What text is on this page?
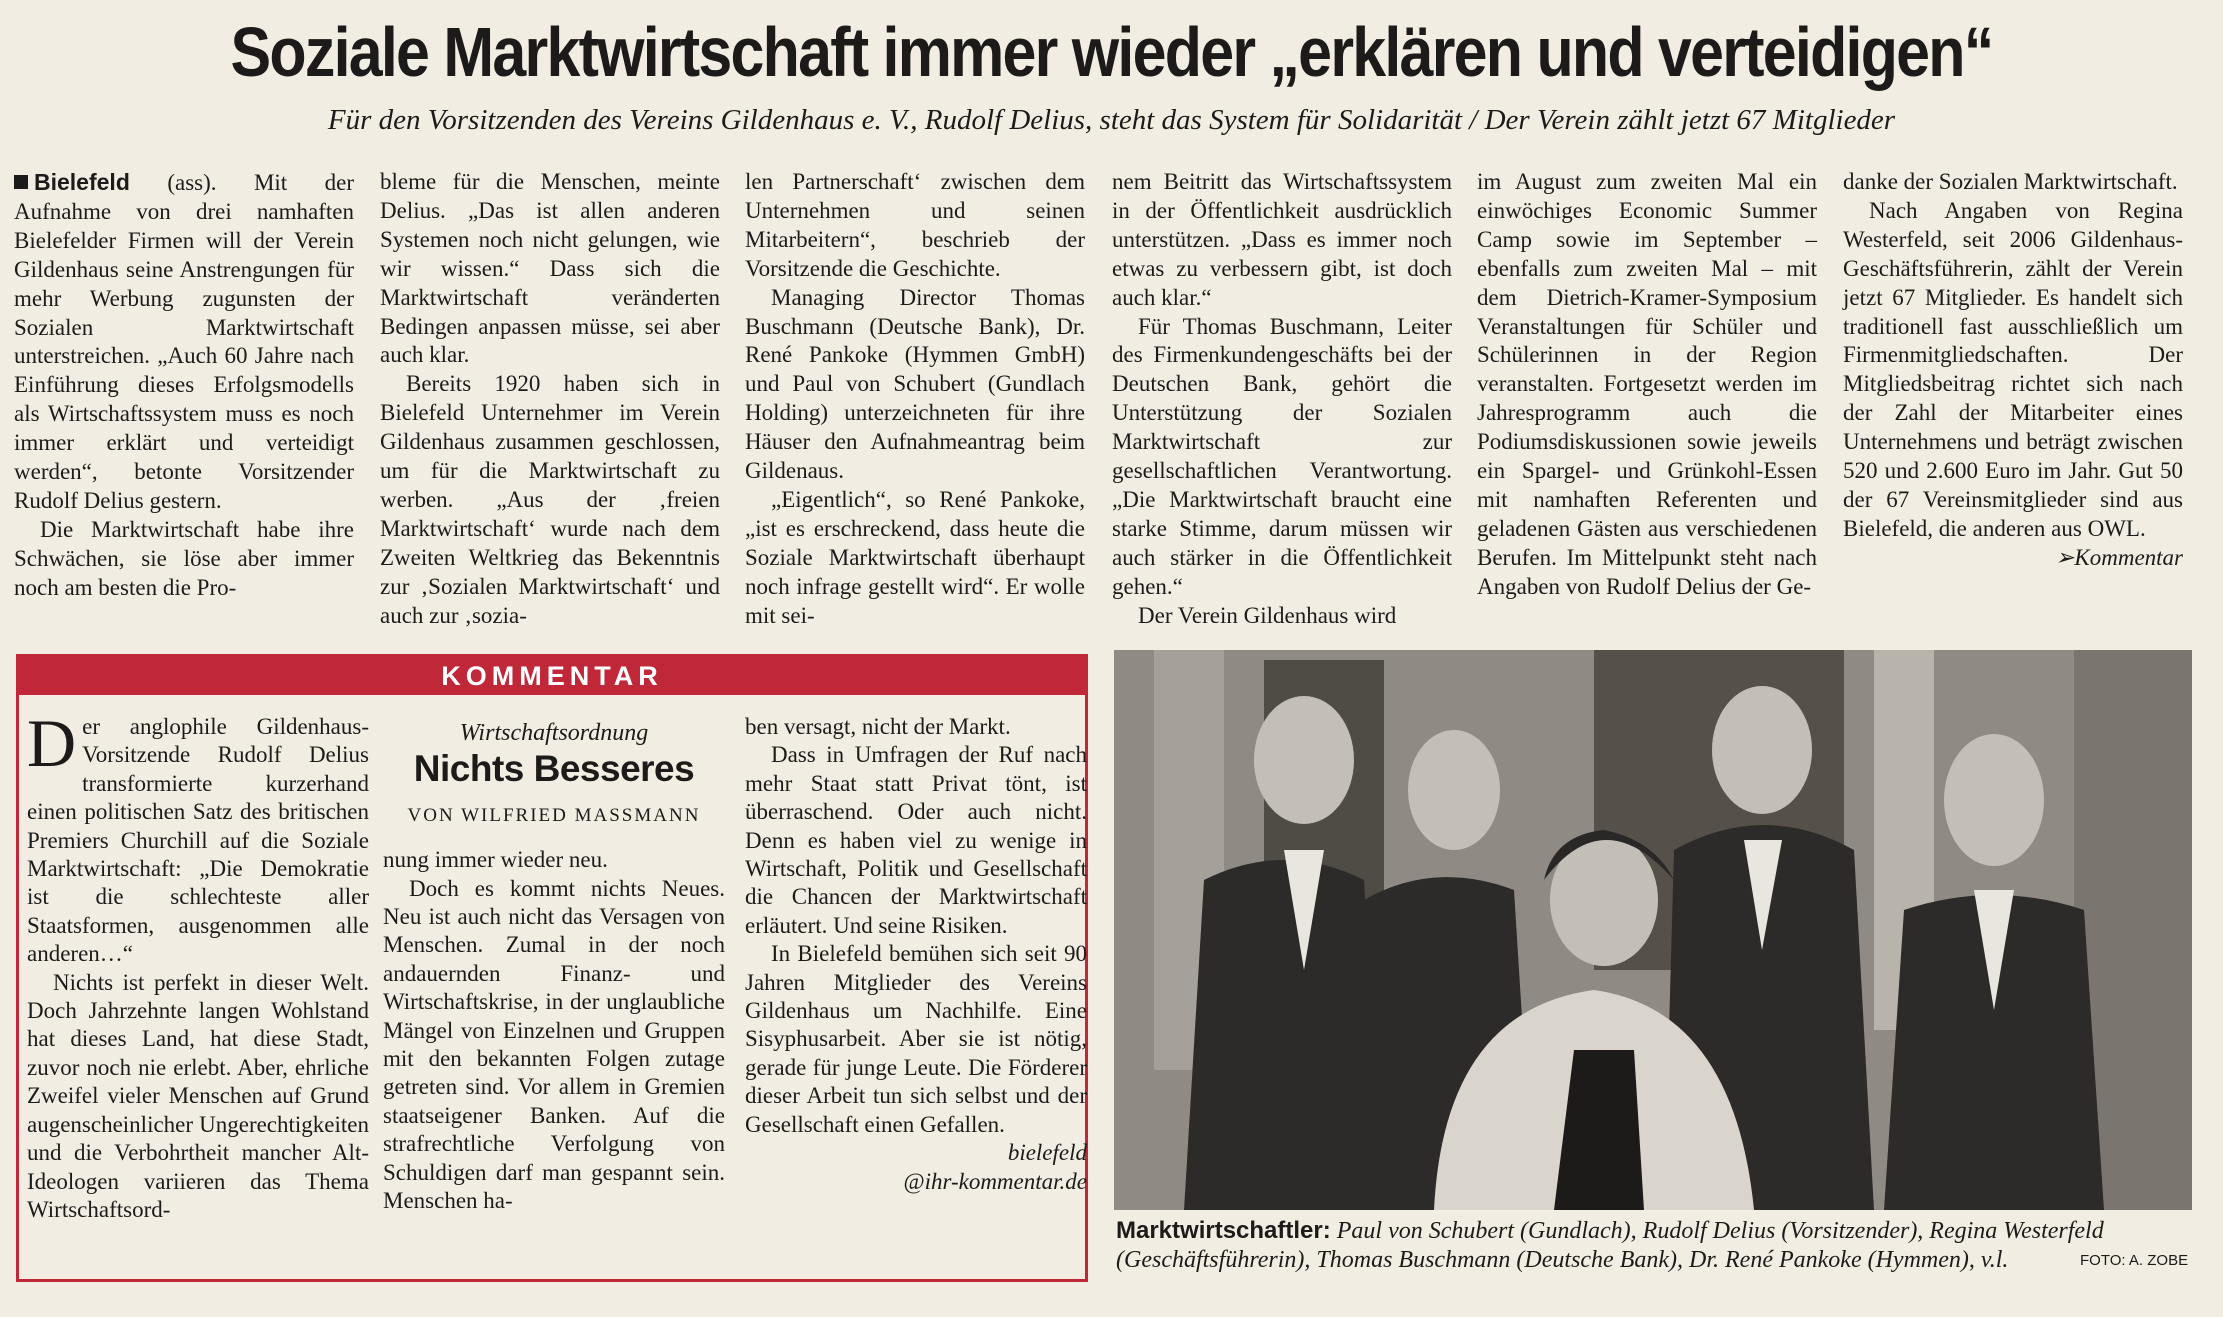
Soziale Marktwirtschaft immer wieder „erklären und verteidigen“
Für den Vorsitzenden des Vereins Gildenhaus e. V., Rudolf Delius, steht das System für Solidarität / Der Verein zählt jetzt 67 Mitglieder

Bielefeld (ass). Mit der Aufnahme von drei namhaften Bielefelder Firmen will der Verein Gildenhaus seine Anstrengungen für mehr Werbung zugunsten der Sozialen Marktwirtschaft unterstreichen. „Auch 60 Jahre nach Einführung dieses Erfolgsmodells als Wirtschaftssystem muss es noch immer erklärt und verteidigt werden“, betonte Vorsitzender Rudolf Delius gestern.

Die Marktwirtschaft habe ihre Schwächen, sie löse aber immer noch am besten die Pro-

bleme für die Menschen, meinte Delius. „Das ist allen anderen Systemen noch nicht gelungen, wie wir wissen.“ Dass sich die Marktwirtschaft veränderten Bedingen anpassen müsse, sei aber auch klar.

Bereits 1920 haben sich in Bielefeld Unternehmer im Verein Gildenhaus zusammen geschlossen, um für die Marktwirtschaft zu werben. „Aus der ‚freien Marktwirtschaft‘ wurde nach dem Zweiten Weltkrieg das Bekenntnis zur ‚Sozialen Marktwirtschaft‘ und auch zur ‚sozia-

len Partnerschaft‘ zwischen dem Unternehmen und seinen Mitarbeitern“, beschrieb der Vorsitzende die Geschichte.

Managing Director Thomas Buschmann (Deutsche Bank), Dr. René Pankoke (Hymmen GmbH) und Paul von Schubert (Gundlach Holding) unterzeichneten für ihre Häuser den Aufnahmeantrag beim Gildenaus.

„Eigentlich“, so René Pankoke, „ist es erschreckend, dass heute die Soziale Marktwirtschaft überhaupt noch infrage gestellt wird“. Er wolle mit sei-

nem Beitritt das Wirtschaftssystem in der Öffentlichkeit ausdrücklich unterstützen. „Dass es immer noch etwas zu verbessern gibt, ist doch auch klar.“

Für Thomas Buschmann, Leiter des Firmenkundengeschäfts bei der Deutschen Bank, gehört die Unterstützung der Sozialen Marktwirtschaft zur gesellschaftlichen Verantwortung. „Die Marktwirtschaft braucht eine starke Stimme, darum müssen wir auch stärker in die Öffentlichkeit gehen.“

Der Verein Gildenhaus wird

im August zum zweiten Mal ein einwöchiges Economic Summer Camp sowie im September – ebenfalls zum zweiten Mal – mit dem Dietrich-Kramer-Symposium Veranstaltungen für Schüler und Schülerinnen in der Region veranstalten. Fortgesetzt werden im Jahresprogramm auch die Podiumsdiskussionen sowie jeweils ein Spargel- und Grünkohl-Essen mit namhaften Referenten und geladenen Gästen aus verschiedenen Berufen. Im Mittelpunkt steht nach Angaben von Rudolf Delius der Ge-

danke der Sozialen Marktwirtschaft.

Nach Angaben von Regina Westerfeld, seit 2006 Gildenhaus-Geschäftsführerin, zählt der Verein jetzt 67 Mitglieder. Es handelt sich traditionell fast ausschließlich um Firmenmitgliedschaften. Der Mitgliedsbeitrag richtet sich nach der Zahl der Mitarbeiter eines Unternehmens und beträgt zwischen 520 und 2.600 Euro im Jahr. Gut 50 der 67 Vereinsmitglieder sind aus Bielefeld, die anderen aus OWL.

➢Kommentar

KOMMENTAR

Der anglophile Gildenhaus-Vorsitzende Rudolf Delius transformierte kurzerhand einen politischen Satz des britischen Premiers Churchill auf die Soziale Marktwirtschaft: „Die Demokratie ist die schlechteste aller Staatsformen, ausgenommen alle anderen…“

Nichts ist perfekt in dieser Welt. Doch Jahrzehnte langen Wohlstand hat dieses Land, hat diese Stadt, zuvor noch nie erlebt. Aber, ehrliche Zweifel vieler Menschen auf Grund augenscheinlicher Ungerechtigkeiten und die Verbohrtheit mancher Alt-Ideologen variieren das Thema Wirtschaftsord-

Wirtschaftsordnung
Nichts Besseres
VON WILFRIED MASSMANN

nung immer wieder neu.

Doch es kommt nichts Neues. Neu ist auch nicht das Versagen von Menschen. Zumal in der noch andauernden Finanz- und Wirtschaftskrise, in der unglaubliche Mängel von Einzelnen und Gruppen mit den bekannten Folgen zutage getreten sind. Vor allem in Gremien staatseigener Banken. Auf die strafrechtliche Verfolgung von Schuldigen darf man gespannt sein. Menschen ha-

ben versagt, nicht der Markt.

Dass in Umfragen der Ruf nach mehr Staat statt Privat tönt, ist überraschend. Oder auch nicht. Denn es haben viel zu wenige in Wirtschaft, Politik und Gesellschaft die Chancen der Marktwirtschaft erläutert. Und seine Risiken.

In Bielefeld bemühen sich seit 90 Jahren Mitglieder des Vereins Gildenhaus um Nachhilfe. Eine Sisyphusarbeit. Aber sie ist nötig, gerade für junge Leute. Die Förderer dieser Arbeit tun sich selbst und der Gesellschaft einen Gefallen.

bielefeld

@ihr-kommentar.de

Marktwirtschaftler: Paul von Schubert (Gundlach), Rudolf Delius (Vorsitzender), Regina Westerfeld (Geschäftsführerin), Thomas Buschmann (Deutsche Bank), Dr. René Pankoke (Hymmen), v.l.	FOTO: A. ZOBE
